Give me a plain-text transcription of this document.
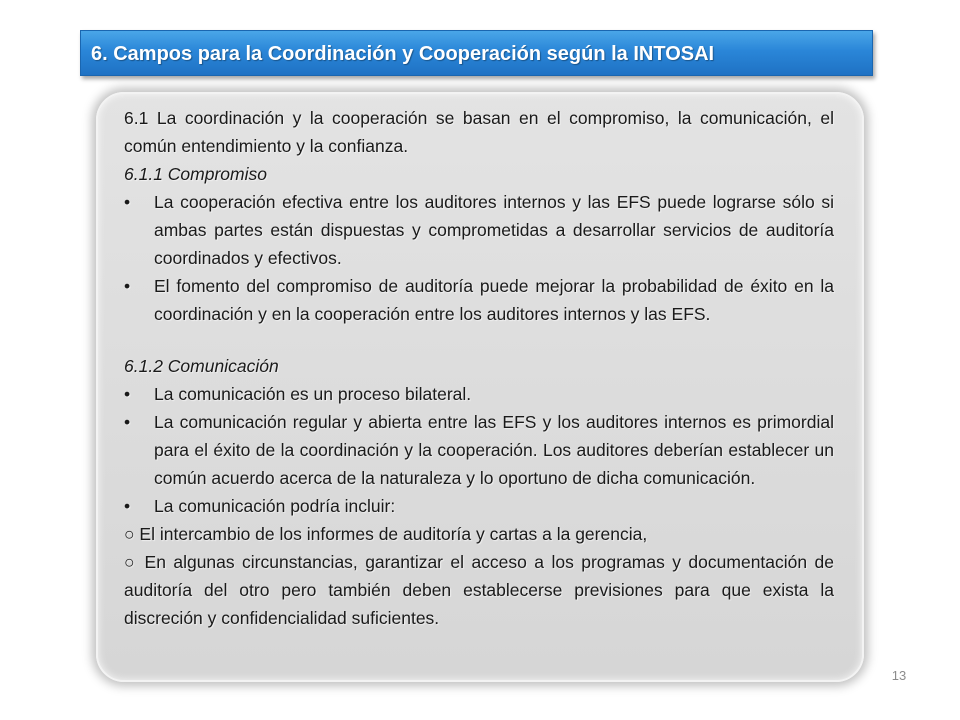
6. Campos para la Coordinación y Cooperación según la INTOSAI

6.1 La coordinación y la cooperación se basan en el compromiso, la comunicación, el común entendimiento y la confianza.

6.1.1 Compromiso

•	La cooperación efectiva entre los auditores internos y las EFS puede lograrse sólo si ambas partes están dispuestas y comprometidas a desarrollar servicios de auditoría coordinados y efectivos.
•	El fomento del compromiso de auditoría puede mejorar la probabilidad de éxito en la coordinación y en la cooperación entre los auditores internos y las EFS.

6.1.2 Comunicación

•	La comunicación es un proceso bilateral.
•	La comunicación regular y abierta entre las EFS y los auditores internos es primordial para el éxito de la coordinación y la cooperación. Los auditores deberían establecer un común acuerdo acerca de la naturaleza y lo oportuno de dicha comunicación.
•	La comunicación podría incluir:

○ El intercambio de los informes de auditoría y cartas a la gerencia,

○ En algunas circunstancias, garantizar el acceso a los programas y documentación de auditoría del otro pero también deben establecerse previsiones para que exista la discreción y confidencialidad suficientes.

13
